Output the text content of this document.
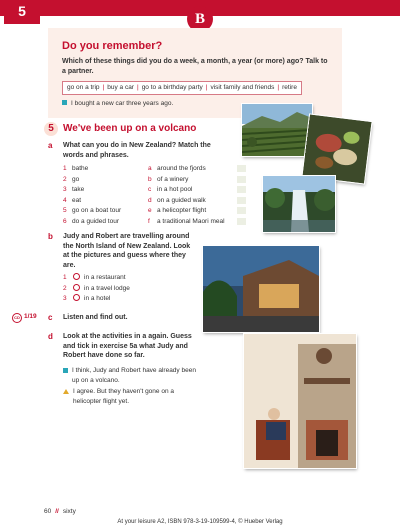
5	B
Do you remember?
Which of these things did you do a week, a month, a year (or more) ago? Talk to a partner.
go on a trip | buy a car | go to a birthday party | visit family and friends | retire
I bought a new car three years ago.
5 We've been up on a volcano
a What can you do in New Zealand? Match the words and phrases.
1 bathe
2 go
3 take
4 eat
5 go on a boat tour
6 do a guided tour
a around the fjords
b of a winery
c in a hot pool
d on a guided walk
e a helicopter flight
f a traditional Maori meal
b Judy and Robert are travelling around the North Island of New Zealand. Look at the pictures and guess where they are.
1	in a restaurant
2	in a travel lodge
3	in a hotel
CD 1/19 c Listen and find out.
d Look at the activities in a again. Guess and tick in exercise 5a what Judy and Robert have done so far.
I think, Judy and Robert have already been up on a volcano.
I agree. But they haven't gone on a helicopter flight yet.
60 // sixty
At your leisure A2, ISBN 978-3-19-109599-4, © Hueber Verlag
